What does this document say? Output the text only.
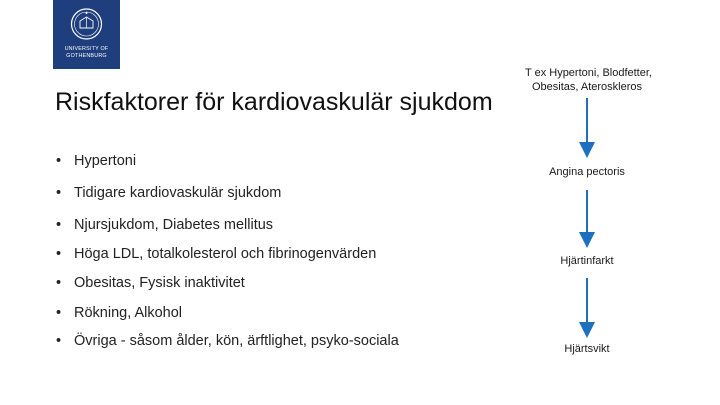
UNIVERSITY OF
GOTHENBURG
Riskfaktorer för kardiovaskulär sjukdom
• Hypertoni
• Tidigare kardiovaskulär sjukdom
• Njursjukdom, Diabetes mellitus
• Höga LDL, totalkolesterol och fibrinogenvärden
• Obesitas, Fysisk inaktivitet
• Rökning, Alkohol
• Övriga - såsom ålder, kön, ärftlighet, psyko-sociala
T ex Hypertoni, Blodfetter,
Obesitas, Ateroskleros
Angina pectoris
Hjärtinfarkt
Hjärtsvikt
